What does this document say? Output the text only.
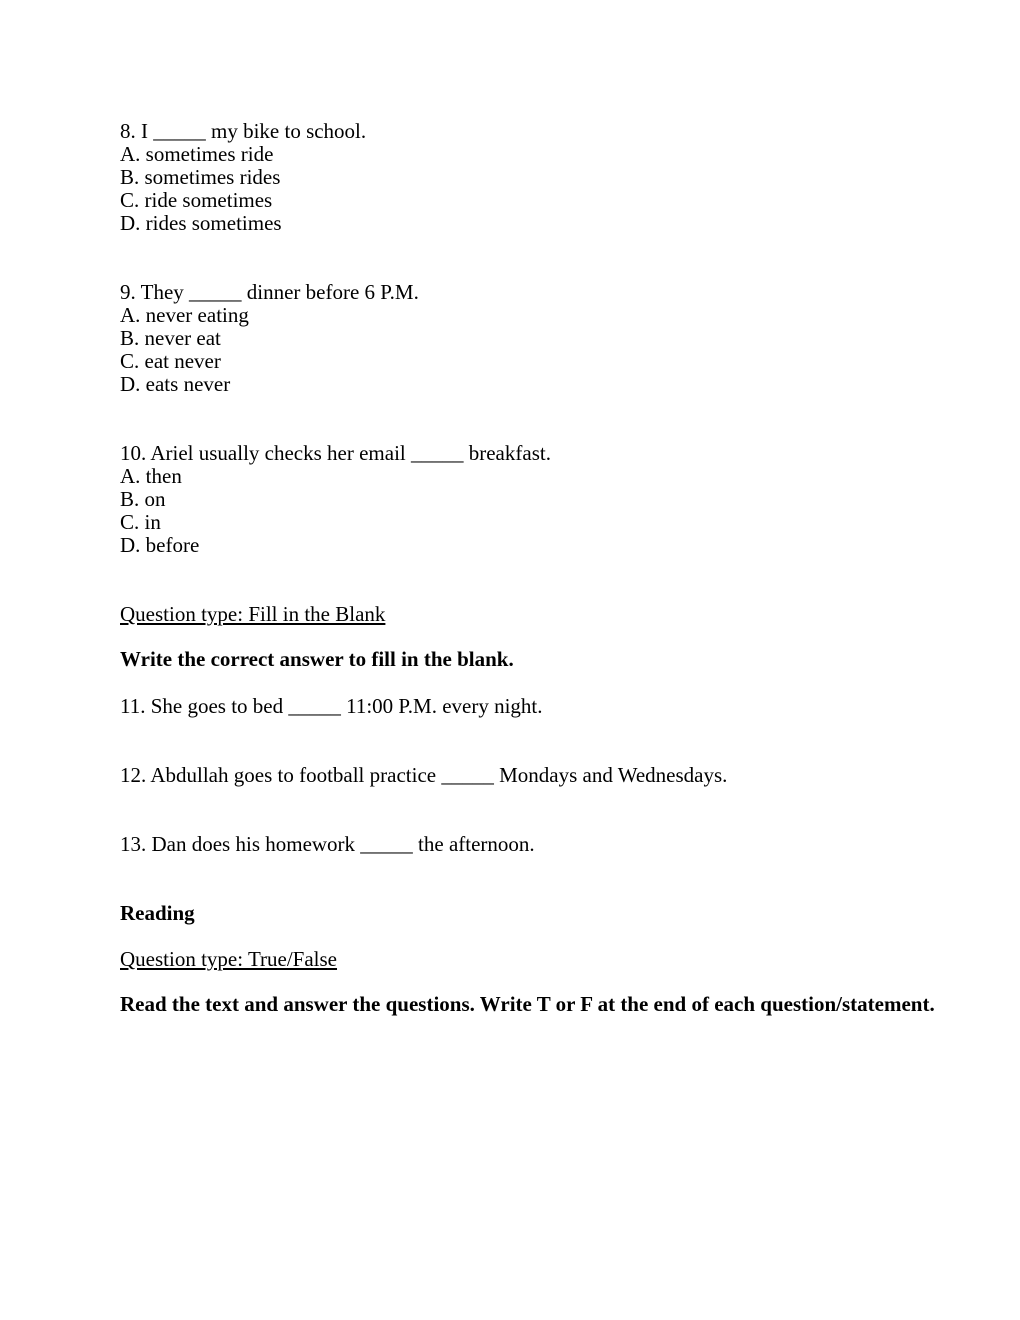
8. I _____ my bike to school.

A. sometimes ride

B. sometimes rides

C. ride sometimes

D. rides sometimes

9. They _____ dinner before 6 P.M.

A. never eating

B. never eat

C. eat never

D. eats never

10. Ariel usually checks her email _____ breakfast.

A. then

B. on

C. in

D. before

Question type: Fill in the Blank

Write the correct answer to fill in the blank.

11. She goes to bed _____ 11:00 P.M. every night.

12. Abdullah goes to football practice _____ Mondays and Wednesdays.

13. Dan does his homework _____ the afternoon.

Reading

Question type: True/False

Read the text and answer the questions. Write T or F at the end of each question/statement.
